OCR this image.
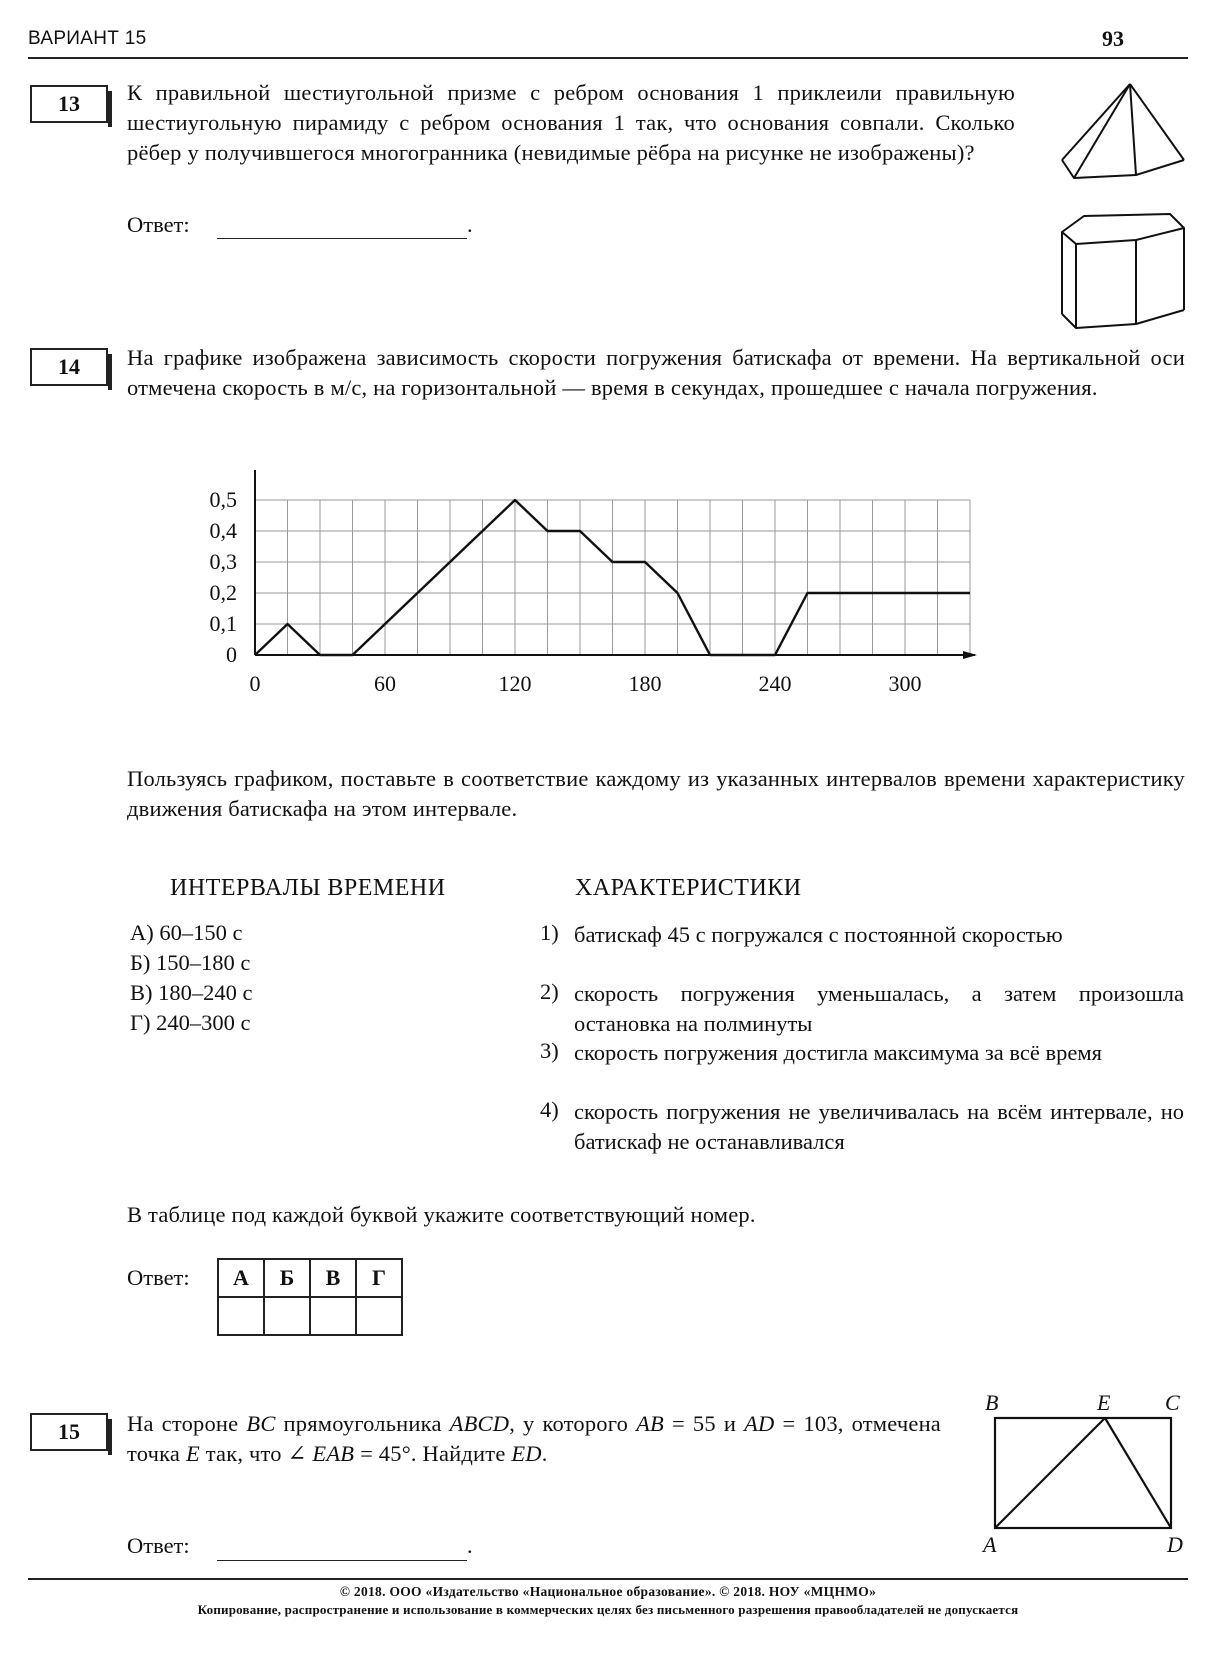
ВАРИАНТ 15	93
13	К правильной шестиугольной призме с ребром основания 1 приклеили правильную шестиугольную пирамиду с ребром основания 1 так, что основания совпали. Сколько рёбер у получившегося многогранника (невидимые рёбра на рисунке не изображены)?
Ответ:	.
14	На графике изображена зависимость скорости погружения батискафа от времени. На вертикальной оси отмечена скорость в м/с, на горизонтальной — время в секундах, прошедшее с начала погружения.
0	60	120	180	240	300
0
0,1
0,2
0,3
0,4
0,5
Пользуясь графиком, поставьте в соответствие каждому из указанных интервалов времени характеристику движения батискафа на этом интервале.
ИНТЕРВАЛЫ ВРЕМЕНИ	ХАРАКТЕРИСТИКИ
А) 60–150 с
Б) 150–180 с
В) 180–240 с
Г) 240–300 с
1) батискаф 45 с погружался с постоянной скоростью
2) скорость погружения уменьшалась, а затем произошла остановка на полминуты
3) скорость погружения достигла максимума за всё время
4) скорость погружения не увеличивалась на всём интервале, но батискаф не останавливался
В таблице под каждой буквой укажите соответствующий номер.
Ответ: А	Б	В	Г

15	На стороне BC прямоугольника ABCD, у которого AB = 55 и AD = 103, отмечена точка E так, что ∠ EAB = 45°. Найдите ED.
Ответ:	.
B	E C
A	D
© 2018. ООО «Издательство «Национальное образование». © 2018. НОУ «МЦНМО»
Копирование, распространение и использование в коммерческих целях без письменного разрешения правообладателей не допускается
